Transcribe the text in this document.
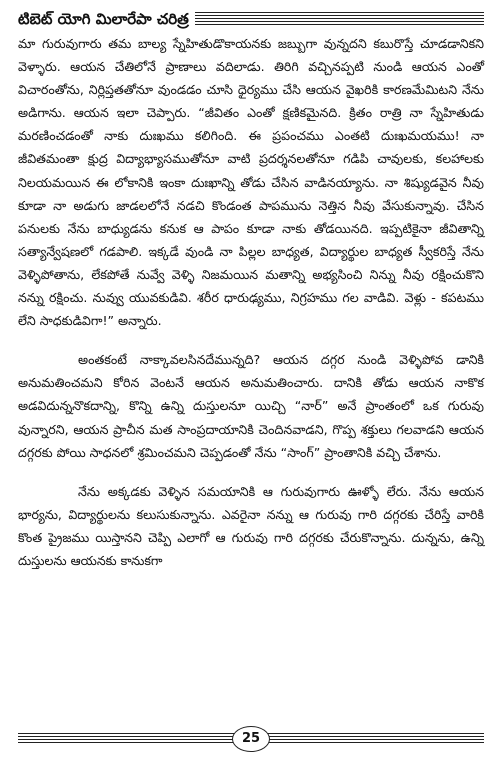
టిబెట్ యోగి మిలారేపా చరిత్ర

మా గురువుగారు తమ బాల్య స్నేహితుడొకాయనకు జబ్బుగా వున్నదని కబురొస్తే చూడడానికని వెళ్ళారు. ఆయన చేతిలోనే ప్రాణాలు వదిలాడు. తిరిగి వచ్చినప్పటి నుండి ఆయన ఎంతో విచారంతోను, నిర్లిప్తతతోనూ వుండడం చూసి ధైర్యము చేసి ఆయన వైఖరికి కారణమేమిటని నేను అడిగాను. ఆయన ఇలా చెప్పారు. “జీవితం ఎంతో క్షణికమైనది. క్రితం రాత్రి నా స్నేహితుడు మరణించడంతో నాకు దుఃఖము కలిగింది. ఈ ప్రపంచము ఎంతటి దుఃఖమయము! నా జీవితమంతా క్షుద్ర విద్యాభ్యాసముతోనూ వాటి ప్రదర్శనలతోనూ గడిపి చావులకు, కలహాలకు నిలయమయిన ఈ లోకానికి ఇంకా దుఃఖాన్ని తోడు చేసిన వాడినయ్యాను. నా శిష్యుడవైన నీవు కూడా నా అడుగు జాడలలోనే నడచి కొండంత పాపమును నెత్తిన నీవు వేసుకున్నావు. చేసిన పనులకు నేను బాధ్యుడను కనుక ఆ పాపం కూడా నాకు తోడయినది. ఇప్పటికైనా జీవితాన్ని సత్యాన్వేషణలో గడపాలి. ఇక్కడే వుండి నా పిల్లల బాధ్యత, విద్యార్థుల బాధ్యత స్వీకరిస్తే నేను వెళ్ళిపోతాను, లేకపోతే నువ్వే వెళ్ళి నిజమయిన మతాన్ని అభ్యసించి నిన్ను నీవు రక్షించుకొని నన్ను రక్షించు. నువ్వు యువకుడివి. శరీర ధారుఢ్యము, నిగ్రహము గల వాడివి. వెళ్లు - కపటము లేని సాధకుడివిగా!” అన్నారు.

అంతకంటే నాక్కావలసినదేమున్నది? ఆయన దగ్గర నుండి వెళ్ళిపోవ డానికి అనుమతించమని కోరిన వెంటనే ఆయన అనుమతించారు. దానికి తోడు ఆయన నాకొక అడవిదున్ననొకదాన్ని, కొన్ని ఉన్ని దుస్తులనూ యిచ్చి “నార్” అనే ప్రాంతంలో ఒక గురువు వున్నారని, ఆయన ప్రాచీన మత సాంప్రదాయానికి చెందినవాడని, గొప్ప శక్తులు గలవాడని ఆయన దగ్గరకు పోయి సాధనలో శ్రమించమని చెప్పడంతో నేను “సాంగ్” ప్రాంతానికి వచ్చి చేశాను.

నేను అక్కడకు వెళ్ళిన సమయానికి ఆ గురువుగారు ఊళ్ళో లేరు. నేను ఆయన భార్యను, విద్యార్థులను కలుసుకున్నాను. ఎవరైనా నన్ను ఆ గురువు గారి దగ్గరకు చేరిస్తే వారికి కొంత ప్రైజము యిస్తానని చెప్పి ఎలాగో ఆ గురువు గారి దగ్గరకు చేరుకొన్నాను. దున్నను, ఉన్ని దుస్తులను ఆయనకు కానుకగా

25
